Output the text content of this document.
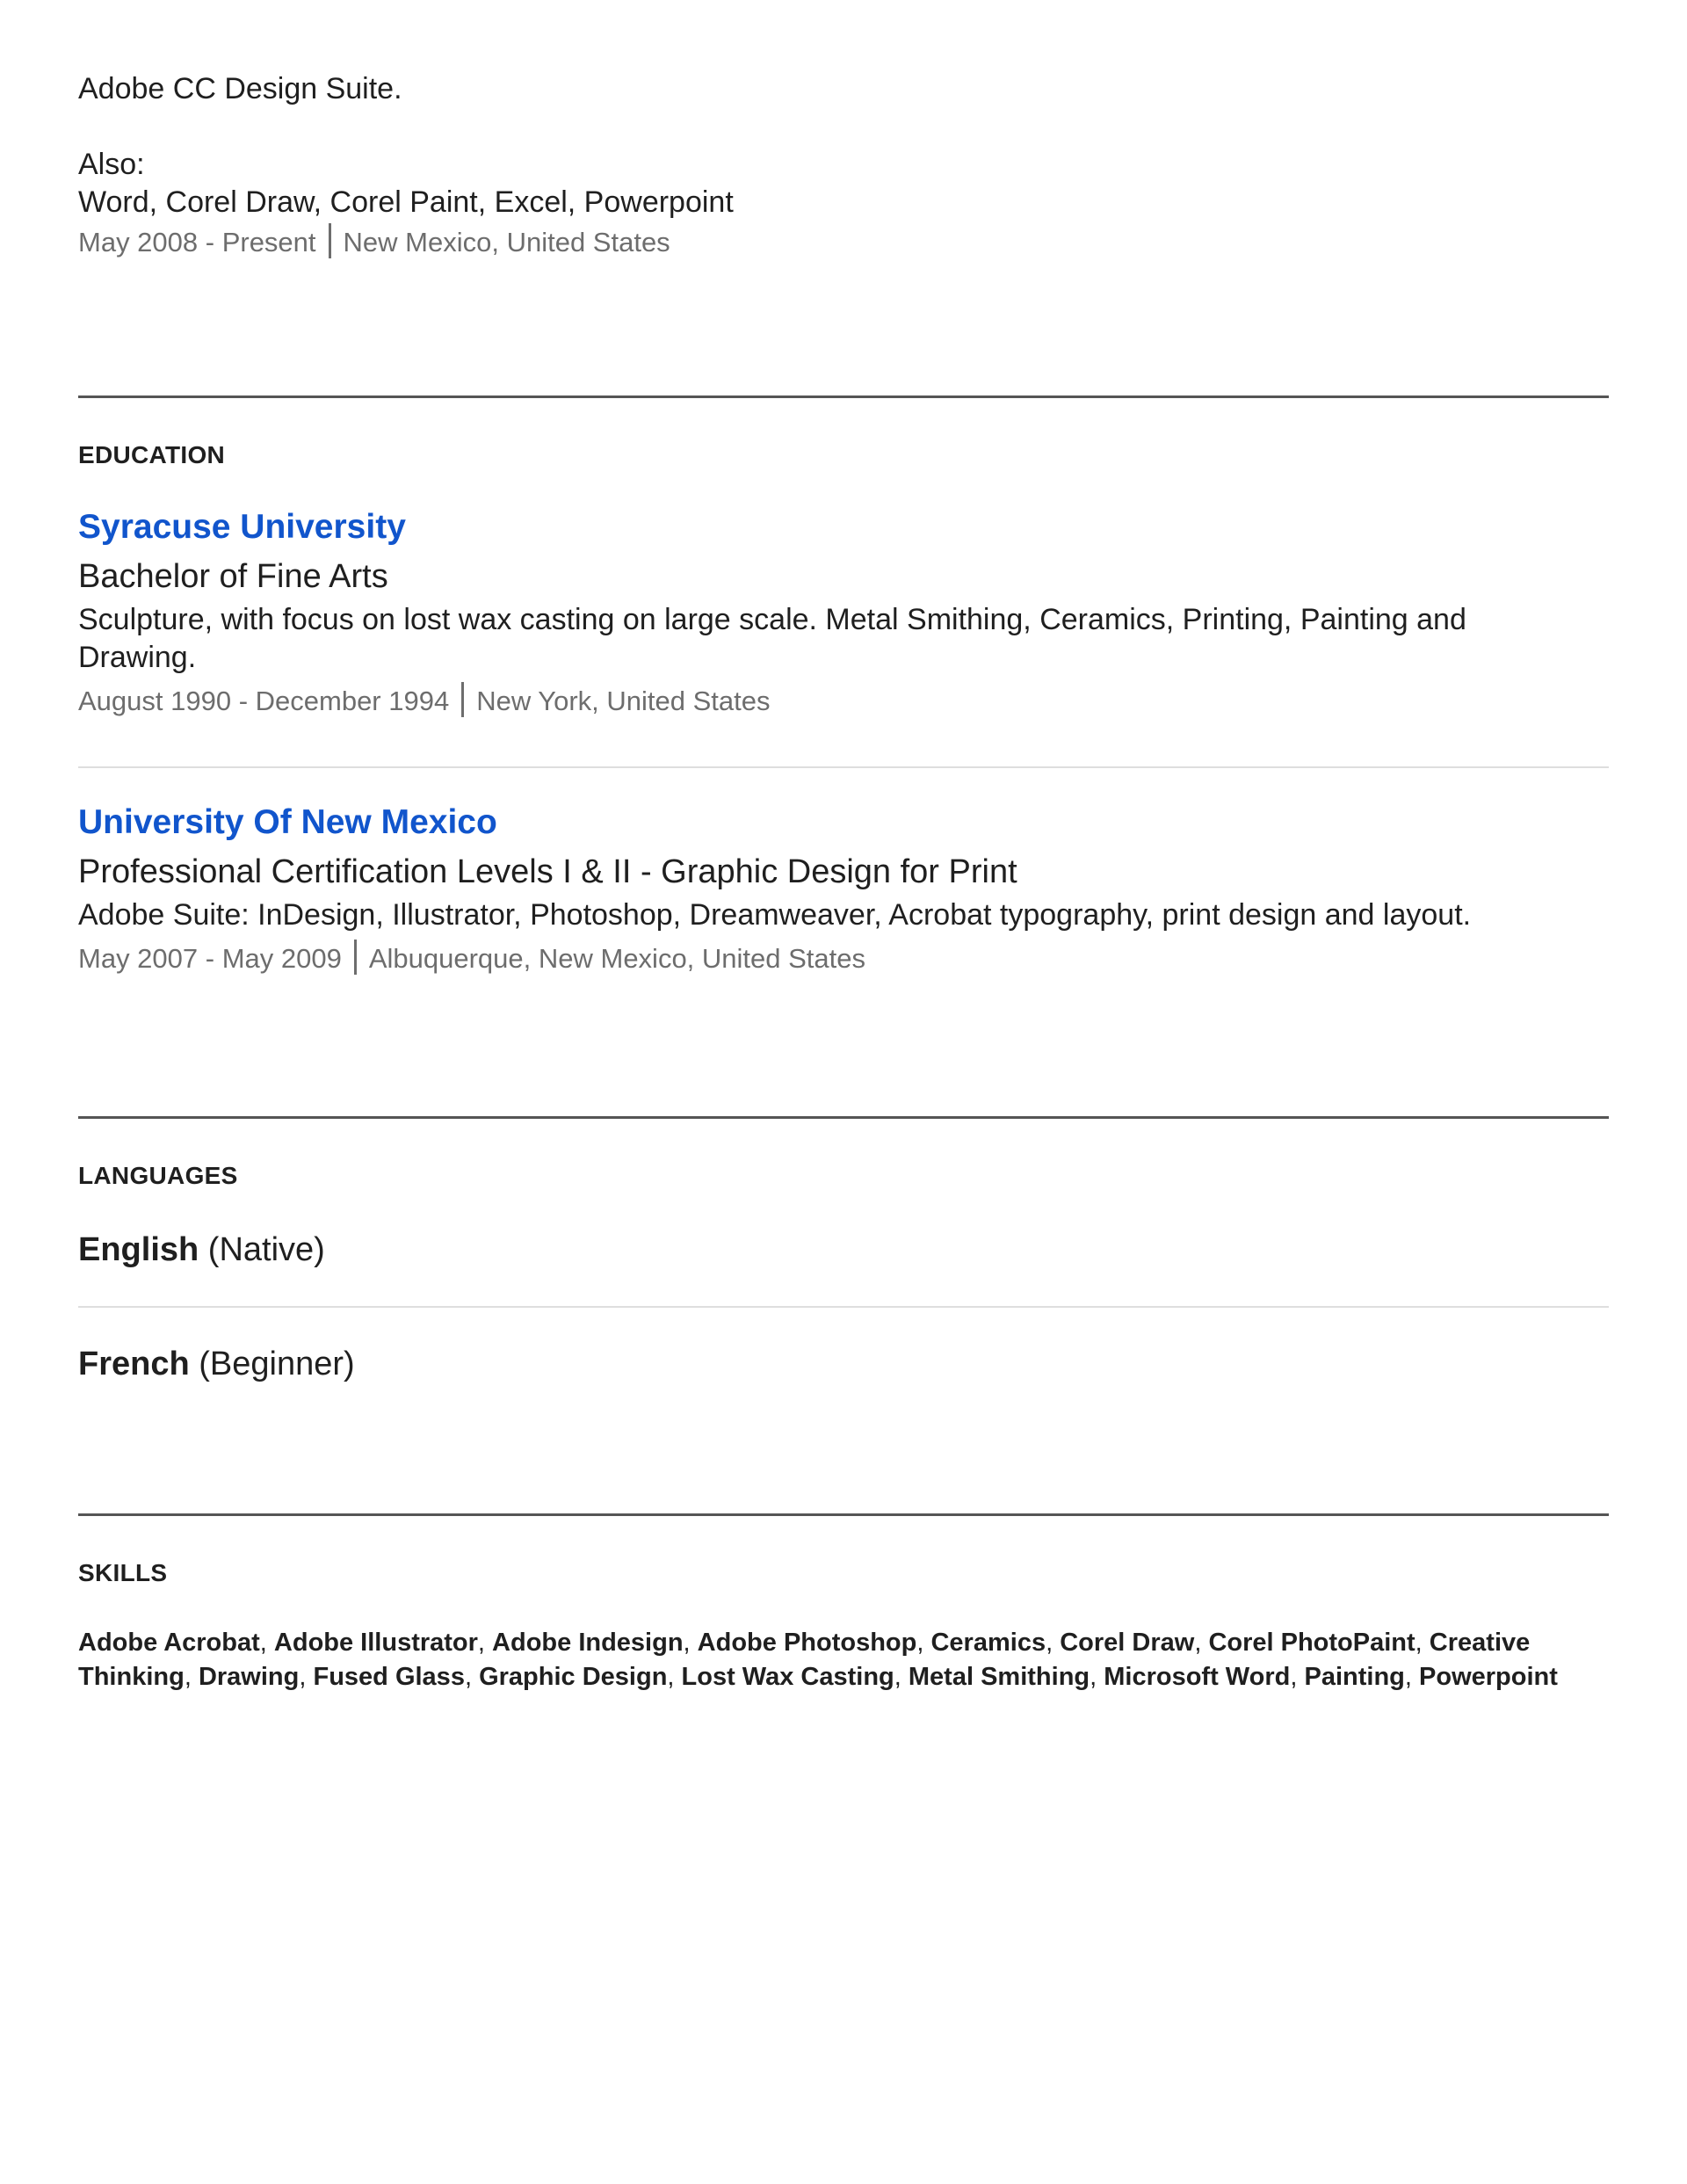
Adobe CC Design Suite.

Also:

Word, Corel Draw, Corel Paint, Excel, Powerpoint

May 2008 - Present New Mexico, United States

EDUCATION

Syracuse University

Bachelor of Fine Arts

Sculpture, with focus on lost wax casting on large scale. Metal Smithing, Ceramics, Printing, Painting and

Drawing.

August 1990 - December 1994 New York, United States

University Of New Mexico

Professional Certification Levels I & II - Graphic Design for Print

Adobe Suite: InDesign, Illustrator, Photoshop, Dreamweaver, Acrobat typography, print design and layout.

May 2007 - May 2009 Albuquerque, New Mexico, United States

LANGUAGES

English (Native)

French (Beginner)

SKILLS

Adobe Acrobat, Adobe Illustrator, Adobe Indesign, Adobe Photoshop, Ceramics, Corel Draw, Corel PhotoPaint, Creative

Thinking, Drawing, Fused Glass, Graphic Design, Lost Wax Casting, Metal Smithing, Microsoft Word, Painting, Powerpoint
